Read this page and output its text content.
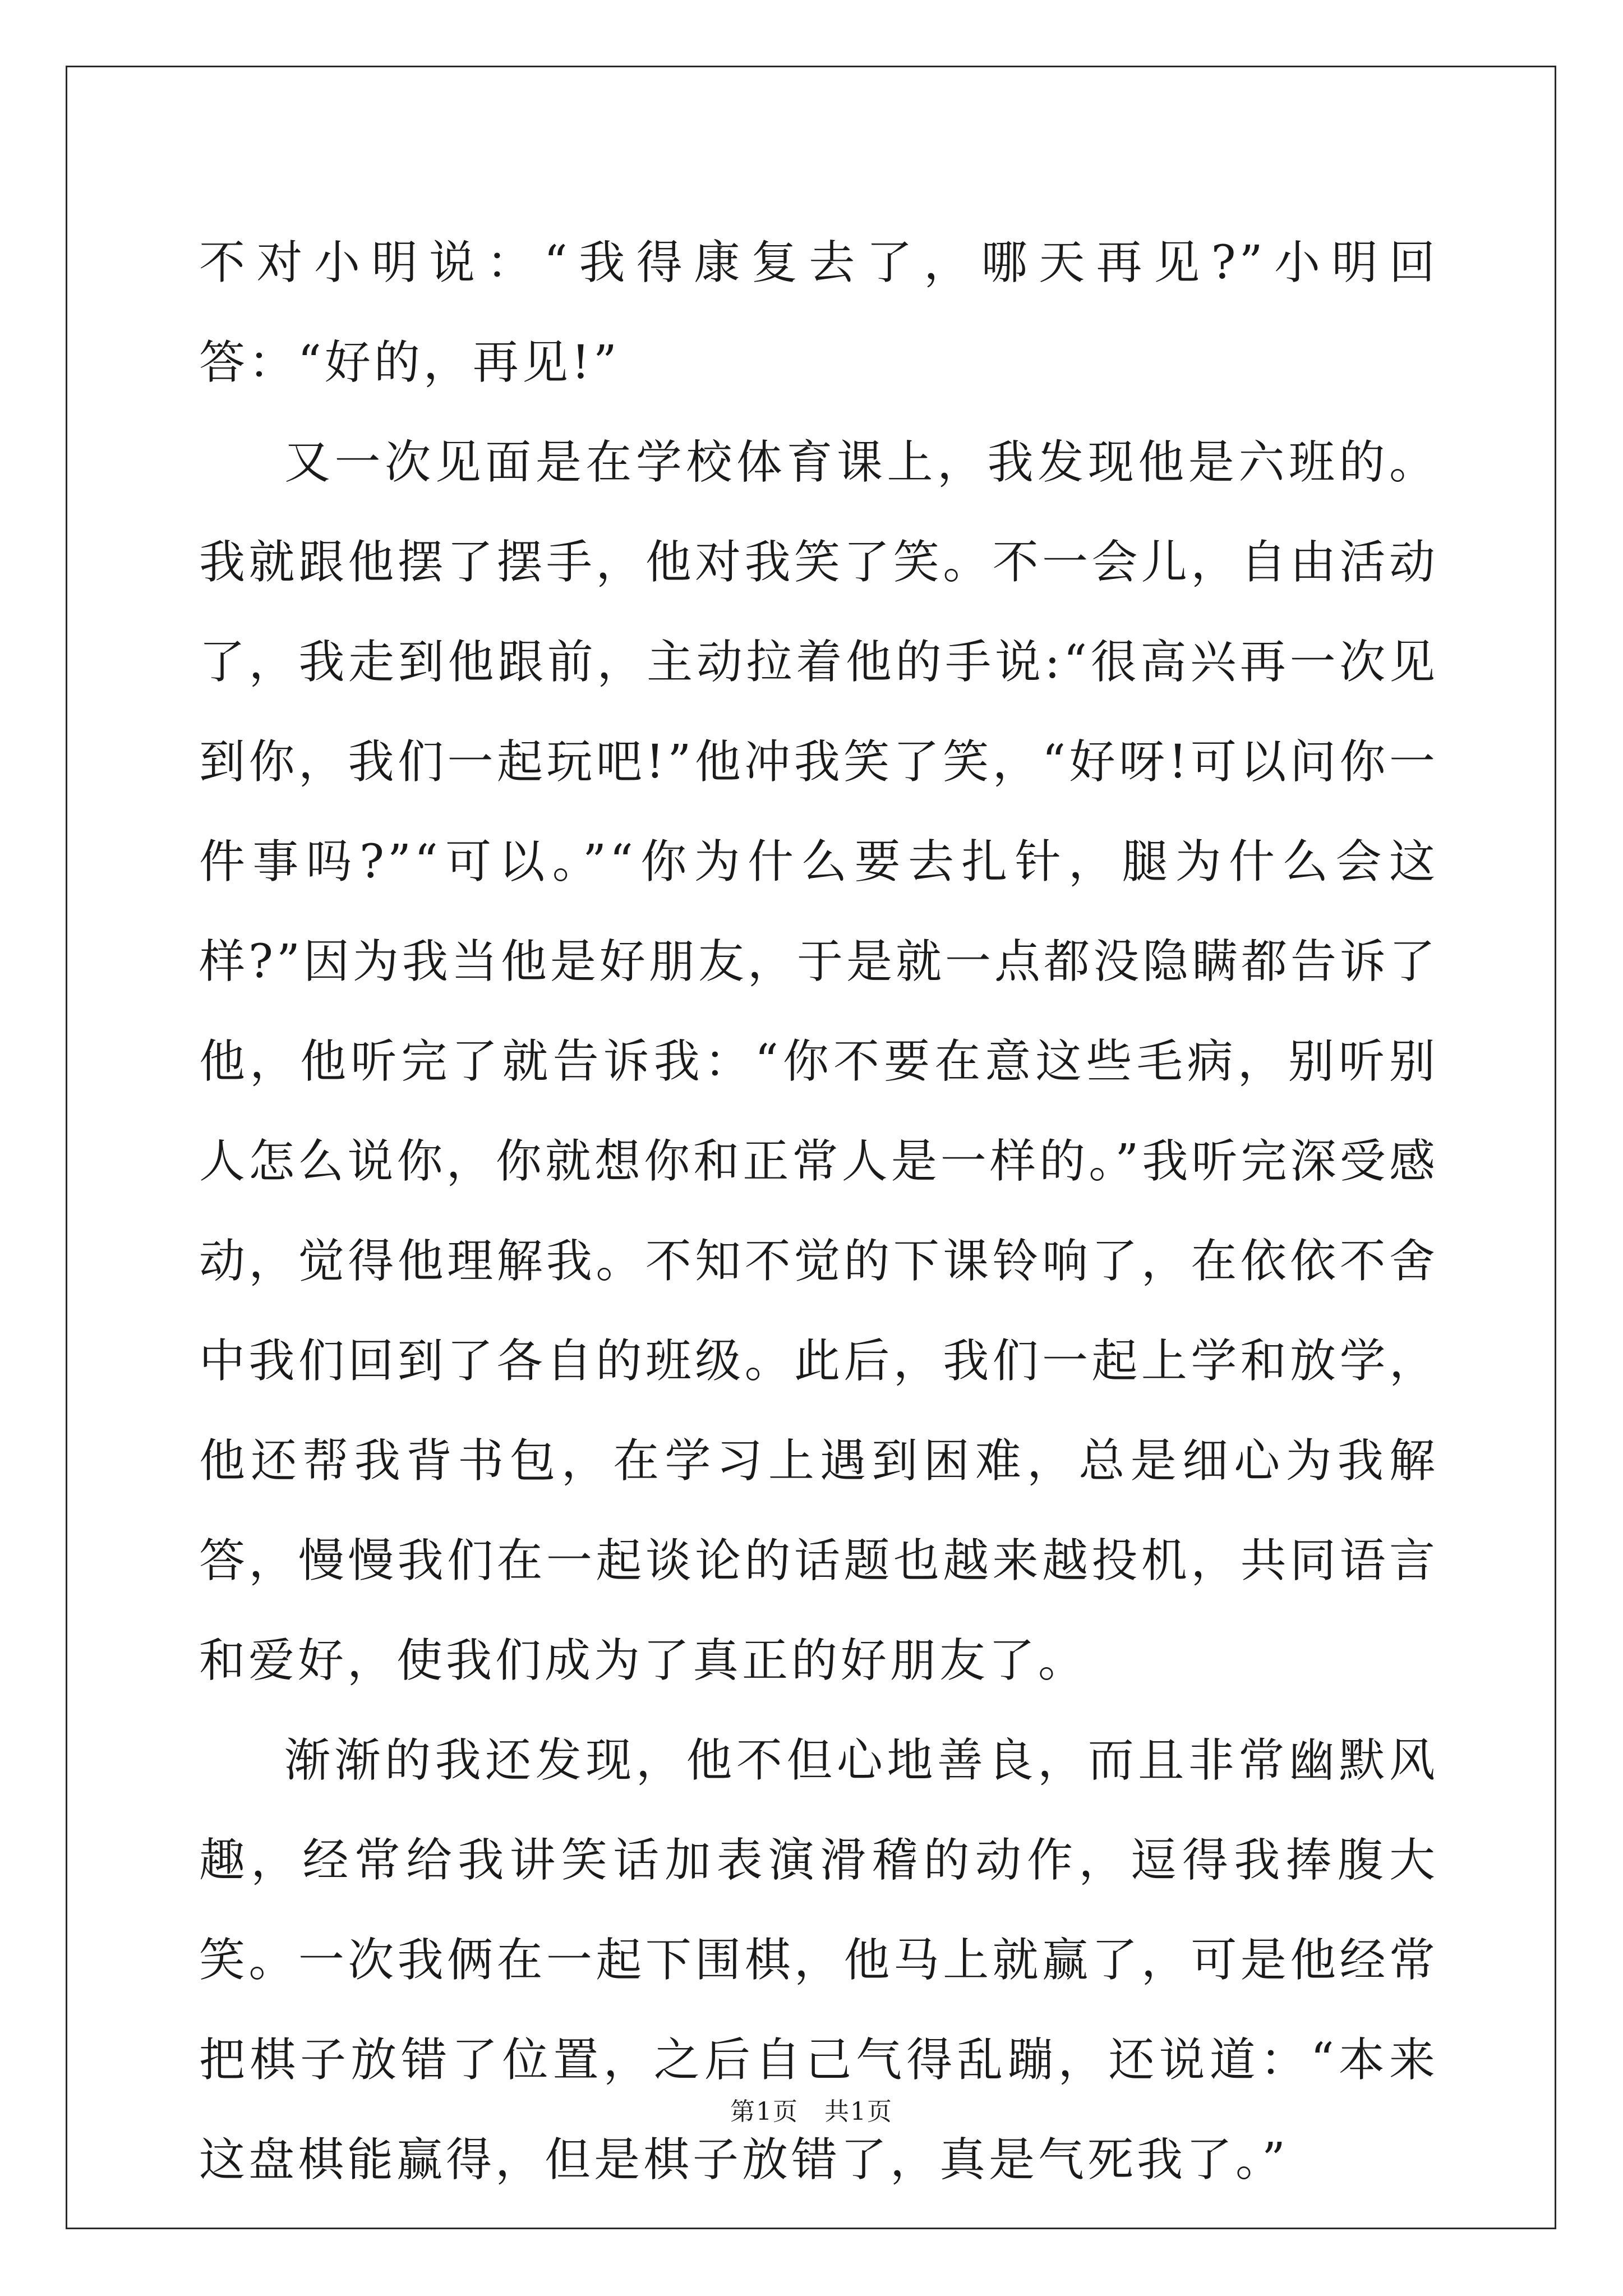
不对小明说：“我得康复去了，哪天再见?”小明回答：“好的，再见!”

又一次见面是在学校体育课上，我发现他是六班的。我就跟他摆了摆手，他对我笑了笑。不一会儿，自由活动了，我走到他跟前，主动拉着他的手说:“很高兴再一次见到你，我们一起玩吧!”他冲我笑了笑，“好呀!可以问你一件事吗?”“可以。”“你为什么要去扎针，腿为什么会这样?”因为我当他是好朋友，于是就一点都没隐瞒都告诉了他，他听完了就告诉我：“你不要在意这些毛病，别听别人怎么说你，你就想你和正常人是一样的。”我听完深受感动，觉得他理解我。不知不觉的下课铃响了，在依依不舍中我们回到了各自的班级。此后，我们一起上学和放学，他还帮我背书包，在学习上遇到困难，总是细心为我解答，慢慢我们在一起谈论的话题也越来越投机，共同语言和爱好，使我们成为了真正的好朋友了。

渐渐的我还发现，他不但心地善良，而且非常幽默风趣，经常给我讲笑话加表演滑稽的动作，逗得我捧腹大笑。一次我俩在一起下围棋，他马上就赢了，可是他经常把棋子放错了位置，之后自己气得乱蹦，还说道：“本来这盘棋能赢得，但是棋子放错了，真是气死我了。”

第1页　共1页
